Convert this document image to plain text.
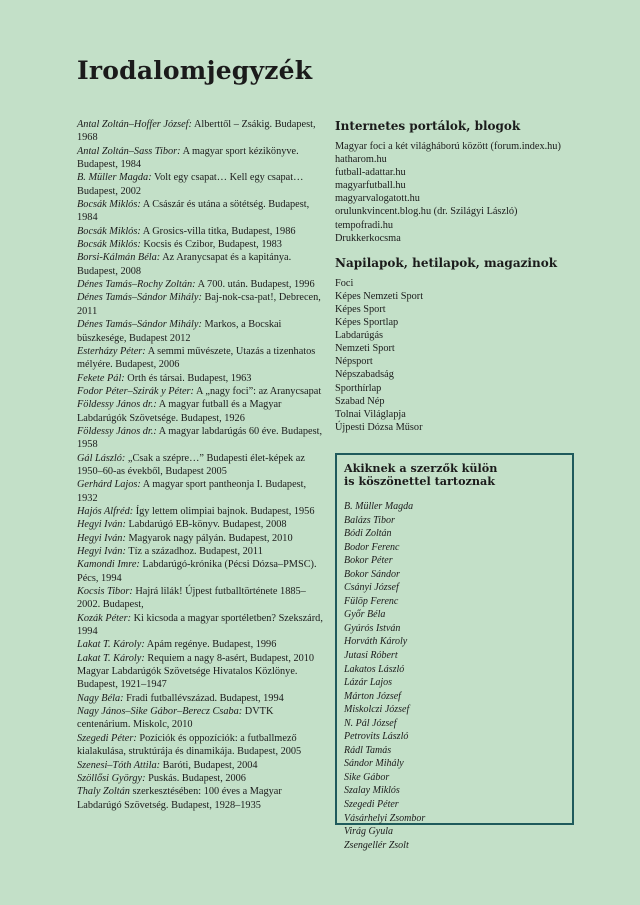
Irodalomjegyzék

Antal Zoltán–Hoffer József: Alberttől – Zsákig. Budapest, 1968

Antal Zoltán–Sass Tibor: A magyar sport kézikönyve. Budapest, 1984

B. Müller Magda: Volt egy csapat… Kell egy csapat… Budapest, 2002

Bocsák Miklós: A Császár és utána a sötétség. Budapest, 1984

Bocsák Miklós: A Grosics-villa titka, Budapest, 1986

Bocsák Miklós: Kocsis és Czibor, Budapest, 1983

Borsi-Kálmán Béla: Az Aranycsapat és a kapitánya. Budapest, 2008

Dénes Tamás–Rochy Zoltán: A 700. után. Budapest, 1996

Dénes Tamás–Sándor Mihály: Baj-nok-csa-pat!, Debrecen, 2011

Dénes Tamás–Sándor Mihály: Markos, a Bocskai büszkesége, Budapest 2012

Esterházy Péter: A semmi művészete, Utazás a tizenhatos mélyére. Budapest, 2006

Fekete Pál: Orth és társai. Budapest, 1963

Fodor Péter–Szirák y Péter: A „nagy foci”: az Aranycsapat

Földessy János dr.: A magyar futball és a Magyar Labdarúgók Szövetsége. Budapest, 1926

Földessy János dr.: A magyar labdarúgás 60 éve. Budapest, 1958

Gál László: „Csak a szépre…” Budapesti élet-képek az 1950–60-as évekből, Budapest 2005

Gerhárd Lajos: A magyar sport pantheonja I. Budapest, 1932

Hajós Alfréd: Így lettem olimpiai bajnok. Budapest, 1956

Hegyi Iván: Labdarúgó EB-könyv. Budapest, 2008

Hegyi Iván: Magyarok nagy pályán. Budapest, 2010

Hegyi Iván: Tíz a századhoz. Budapest, 2011

Kamondi Imre: Labdarúgó-krónika (Pécsi Dózsa–PMSC). Pécs, 1994

Kocsis Tibor: Hajrá lilák! Újpest futballtörténete 1885–2002. Budapest,

Kozák Péter: Ki kicsoda a magyar sportéletben? Szekszárd, 1994

Lakat T. Károly: Apám regénye. Budapest, 1996

Lakat T. Károly: Requiem a nagy 8-asért, Budapest, 2010

Magyar Labdarúgók Szövetsége Hivatalos Közlönye. Budapest, 1921–1947

Nagy Béla: Fradi futballévszázad. Budapest, 1994

Nagy János–Sike Gábor–Berecz Csaba: DVTK centenárium. Miskolc, 2010

Szegedi Péter: Pozíciók és oppozíciók: a futballmező kialakulása, struktúrája és dinamikája. Budapest, 2005

Szenesi–Tóth Attila: Baróti, Budapest, 2004

Szöllősi György: Puskás. Budapest, 2006

Thaly Zoltán szerkesztésében: 100 éves a Magyar Labdarúgó Szövetség. Budapest, 1928–1935

Internetes portálok, blogok
Magyar foci a két világháború között (forum.index.hu)
hatharom.hu
futball-adattar.hu
magyarfutball.hu
magyarvalogatott.hu
orulunkvincent.blog.hu (dr. Szilágyi László)
tempofradi.hu
Drukkerkocsma
Napilapok, hetilapok, magazinok
Foci
Képes Nemzeti Sport
Képes Sport
Képes Sportlap
Labdarúgás
Nemzeti Sport
Népsport
Népszabadság
Sporthírlap
Szabad Nép
Tolnai Világlapja
Újpesti Dózsa Műsor
Akiknek a szerzők külön
is köszönettel tartoznak
B. Müller Magda
Balázs Tibor
Bódi Zoltán
Bodor Ferenc
Bokor Péter
Bokor Sándor
Csányi József
Fülöp Ferenc
Győr Béla
Gyúrós István
Horváth Károly
Jutasi Róbert
Lakatos László
Lázár Lajos
Márton József
Miskolczi József
N. Pál József
Petrovits László
Rádl Tamás
Sándor Mihály
Sike Gábor
Szalay Miklós
Szegedi Péter
Vásárhelyi Zsombor
Virág Gyula
Zsengellér Zsolt
